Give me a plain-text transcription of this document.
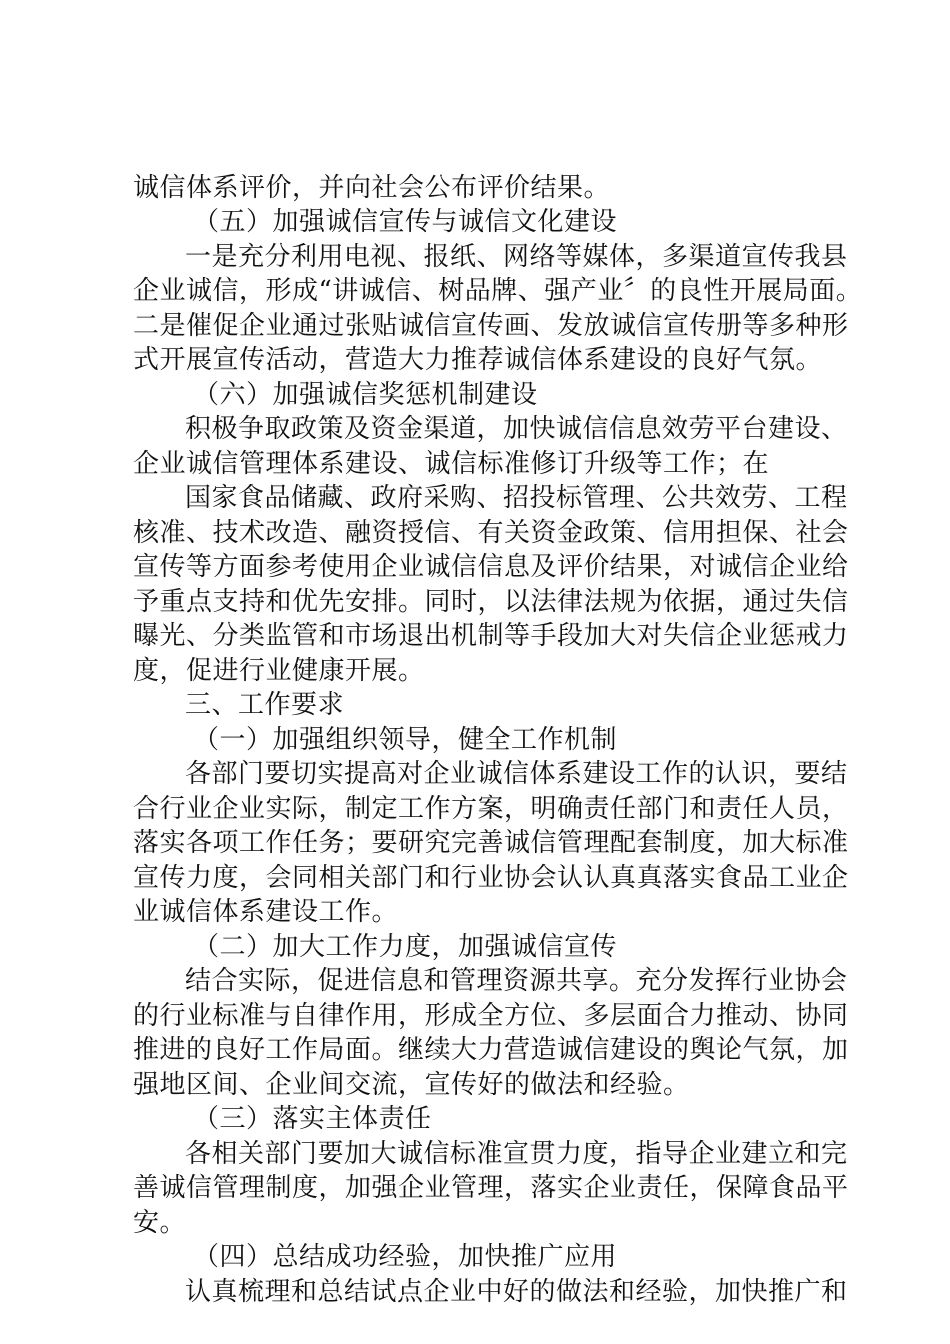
诚信体系评价，并向社会公布评价结果。
（五）加强诚信宣传与诚信文化建设
一是充分利用电视、报纸、网络等媒体，多渠道宣传我县
企业诚信，形成“讲诚信、树品牌、强产业〞的良性开展局面。
二是催促企业通过张贴诚信宣传画、发放诚信宣传册等多种形
式开展宣传活动，营造大力推荐诚信体系建设的良好气氛。
（六）加强诚信奖惩机制建设
积极争取政策及资金渠道，加快诚信信息效劳平台建设、
企业诚信管理体系建设、诚信标准修订升级等工作；在
国家食品储藏、政府采购、招投标管理、公共效劳、工程
核准、技术改造、融资授信、有关资金政策、信用担保、社会
宣传等方面参考使用企业诚信信息及评价结果，对诚信企业给
予重点支持和优先安排。同时，以法律法规为依据，通过失信
曝光、分类监管和市场退出机制等手段加大对失信企业惩戒力
度，促进行业健康开展。
三、工作要求
（一）加强组织领导，健全工作机制
各部门要切实提高对企业诚信体系建设工作的认识，要结
合行业企业实际，制定工作方案，明确责任部门和责任人员，
落实各项工作任务；要研究完善诚信管理配套制度，加大标准
宣传力度，会同相关部门和行业协会认认真真落实食品工业企
业诚信体系建设工作。
（二）加大工作力度，加强诚信宣传
结合实际，促进信息和管理资源共享。充分发挥行业协会
的行业标准与自律作用，形成全方位、多层面合力推动、协同
推进的良好工作局面。继续大力营造诚信建设的舆论气氛，加
强地区间、企业间交流，宣传好的做法和经验。
（三）落实主体责任
各相关部门要加大诚信标准宣贯力度，指导企业建立和完
善诚信管理制度，加强企业管理，落实企业责任，保障食品平
安。
（四）总结成功经验，加快推广应用
认真梳理和总结试点企业中好的做法和经验，加快推广和
